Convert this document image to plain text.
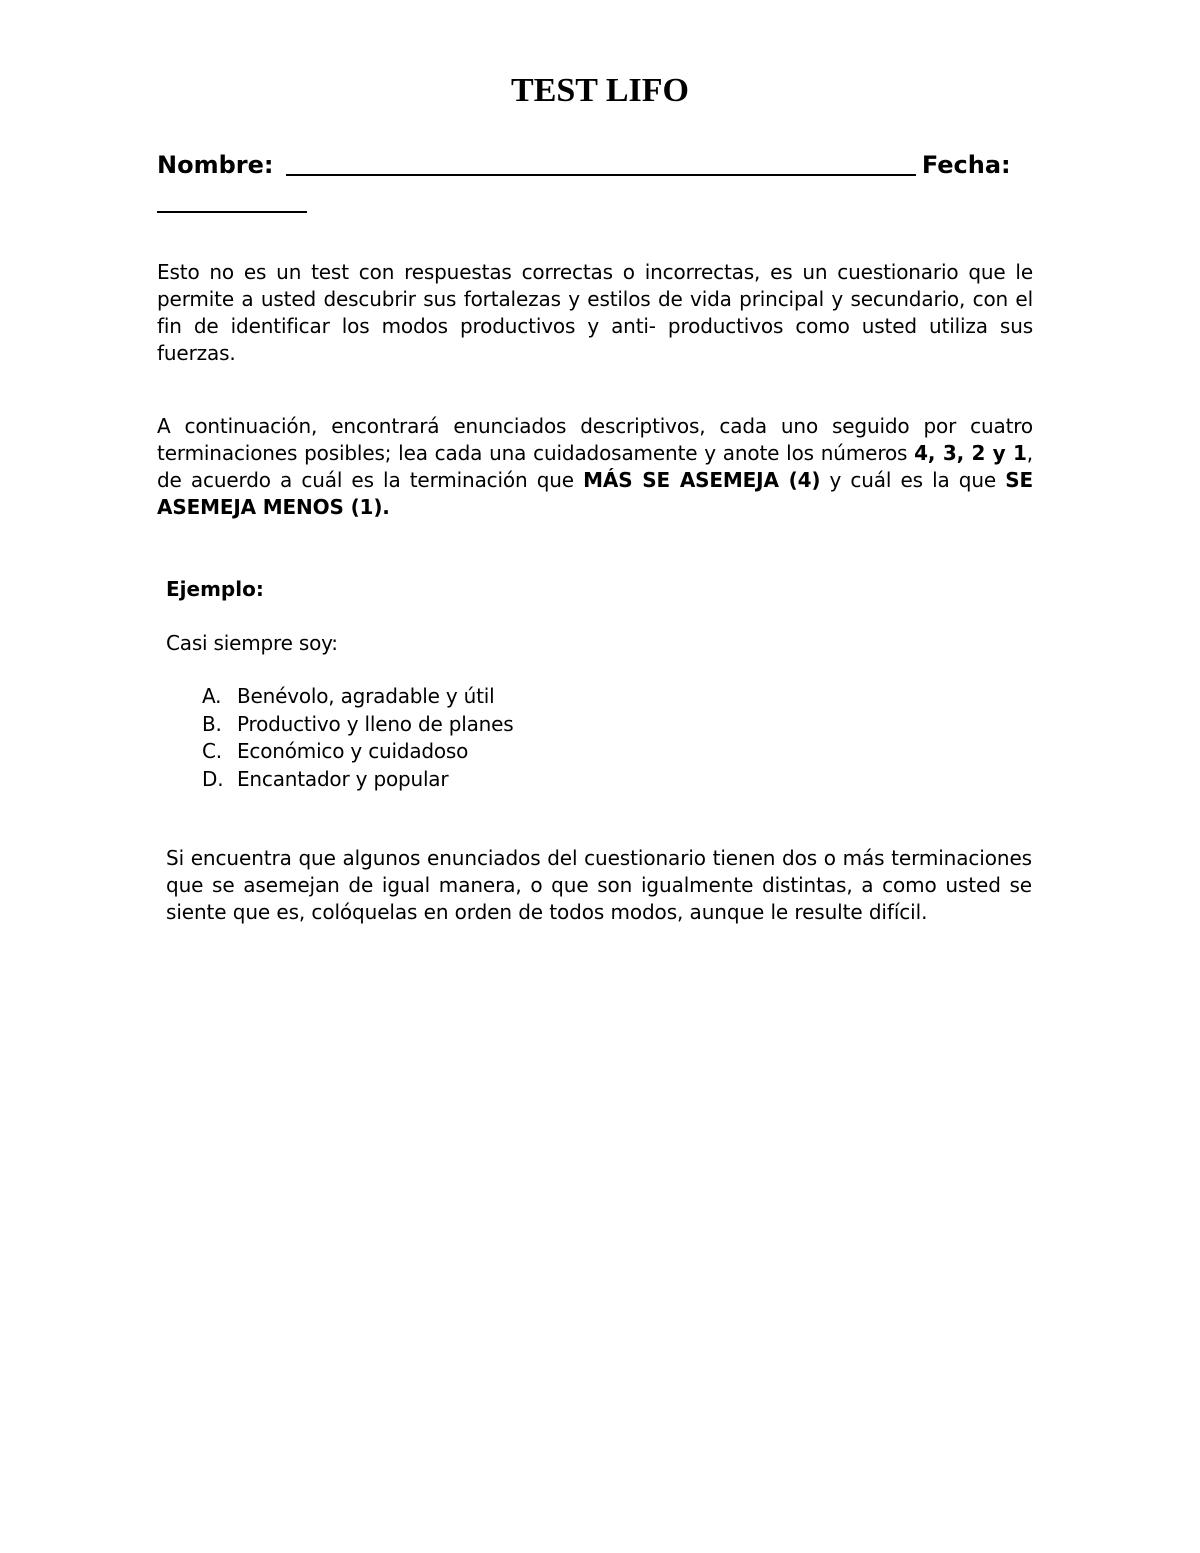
TEST LIFO
Nombre:	Fecha:

Esto no es un test con respuestas correctas o incorrectas, es un cuestionario que le permite a usted descubrir sus fortalezas y estilos de vida principal y secundario, con el fin de identificar los modos productivos y anti- productivos como usted utiliza sus fuerzas.

A continuación, encontrará enunciados descriptivos, cada uno seguido por cuatro terminaciones posibles; lea cada una cuidadosamente y anote los números 4, 3, 2 y 1, de acuerdo a cuál es la terminación que MÁS SE ASEMEJA (4) y cuál es la que SE ASEMEJA MENOS (1).

Ejemplo:

Casi siempre soy:

A. Benévolo, agradable y útil
B. Productivo y lleno de planes
C. Económico y cuidadoso
D. Encantador y popular

Si encuentra que algunos enunciados del cuestionario tienen dos o más terminaciones que se asemejan de igual manera, o que son igualmente distintas, a como usted se siente que es, colóquelas en orden de todos modos, aunque le resulte difícil.
